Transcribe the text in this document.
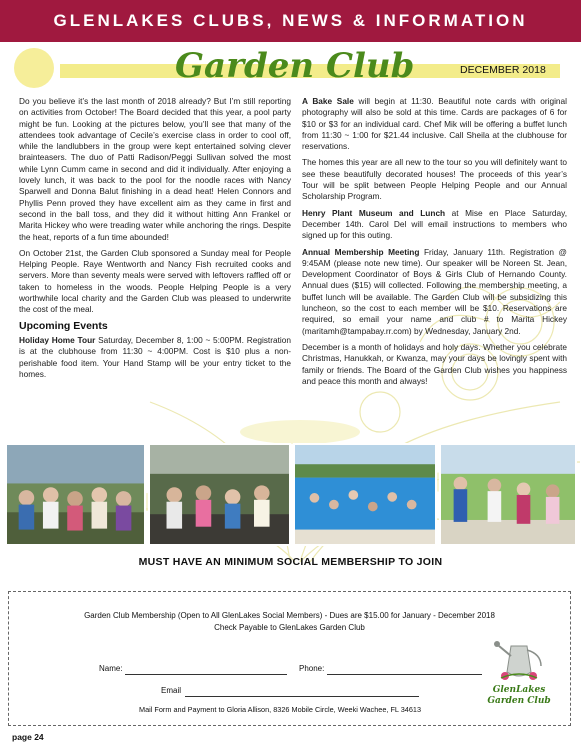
GLENLAKES CLUBS, NEWS & INFORMATION
Garden Club	DECEMBER 2018

Do you believe it’s the last month of 2018 already? But I’m still reporting on activities from October! The Board decided that this year, a pool party might be fun. Looking at the pictures below, you’ll see that many of the attendees took advantage of Cecile’s exercise class in order to cool off, while the landlubbers in the group were kept entertained solving clever brainteasers. The duo of Patti Radison/Peggi Sullivan solved the most while Lynn Cumm came in second and did it individually. After enjoying a lovely lunch, it was back to the pool for the noodle races with Nancy Sparwell and Donna Balut finishing in a dead heat! Helen Connors and Phyllis Penn proved they have excellent aim as they came in first and second in the ball toss, and they did it without hitting Ann Frankel or Marita Hickey who were treading water while anchoring the rings. Despite the heat, reports of a fun time abounded!

On October 21st, the Garden Club sponsored a Sunday meal for People Helping People. Raye Wentworth and Nancy Fish recruited cooks and servers. More than seventy meals were served with leftovers raffled off or taken to homeless in the woods. People Helping People is a very worthwhile local charity and the Garden Club was pleased to underwrite the cost of the meal.

Upcoming Events

Holiday Home Tour Saturday, December 8, 1:00 ~ 5:00PM. Registration is at the clubhouse from 11:30 ~ 4:00PM. Cost is $10 plus a non-perishable food item. Your Hand Stamp will be your entry ticket to the homes.

A Bake Sale will begin at 11:30. Beautiful note cards with original photography will also be sold at this time. Cards are packages of 6 for $10 or $3 for an individual card. Chef Mik will be offering a buffet lunch from 11:30 ~ 1:00 for $21.44 inclusive. Call Sheila at the clubhouse for reservations.

The homes this year are all new to the tour so you will definitely want to see these beautifully decorated houses! The proceeds of this year’s Tour will be split between People Helping People and our Annual Scholarship Program.

Henry Plant Museum and Lunch at Mise en Place Saturday, December 14th. Carol Del will email instructions to members who signed up for this outing.

Annual Membership Meeting Friday, January 11th. Registration @ 9:45AM (please note new time). Our speaker will be Noreen St. Jean, Development Coordinator of Boys & Girls Club of Hernando County. Annual dues ($15) will collected. Following the membership meeting, a buffet lunch will be available. The Garden Club will be subsidizing this luncheon, so the cost to each member will be $10. Reservations are required, so email your name and club # to Marita Hickey (maritamh@tampabay.rr.com) by Wednesday, January 2nd.

December is a month of holidays and holy days. Whether you celebrate Christmas, Hanukkah, or Kwanza, may your days be lovingly spent with family or friends. The Board of the Garden Club wishes you happiness and peace this month and always!

MUST HAVE AN MINIMUM SOCIAL MEMBERSHIP TO JOIN
Garden Club Membership (Open to All GlenLakes Social Members) - Dues are $15.00 for January - December 2018
Check Payable to GlenLakes Garden Club
Name:	Phone:
Email
Mail Form and Payment to Gloria Allison, 8326 Mobile Circle, Weeki Wachee, FL 34613
GlenLakes
Garden Club
page 24
